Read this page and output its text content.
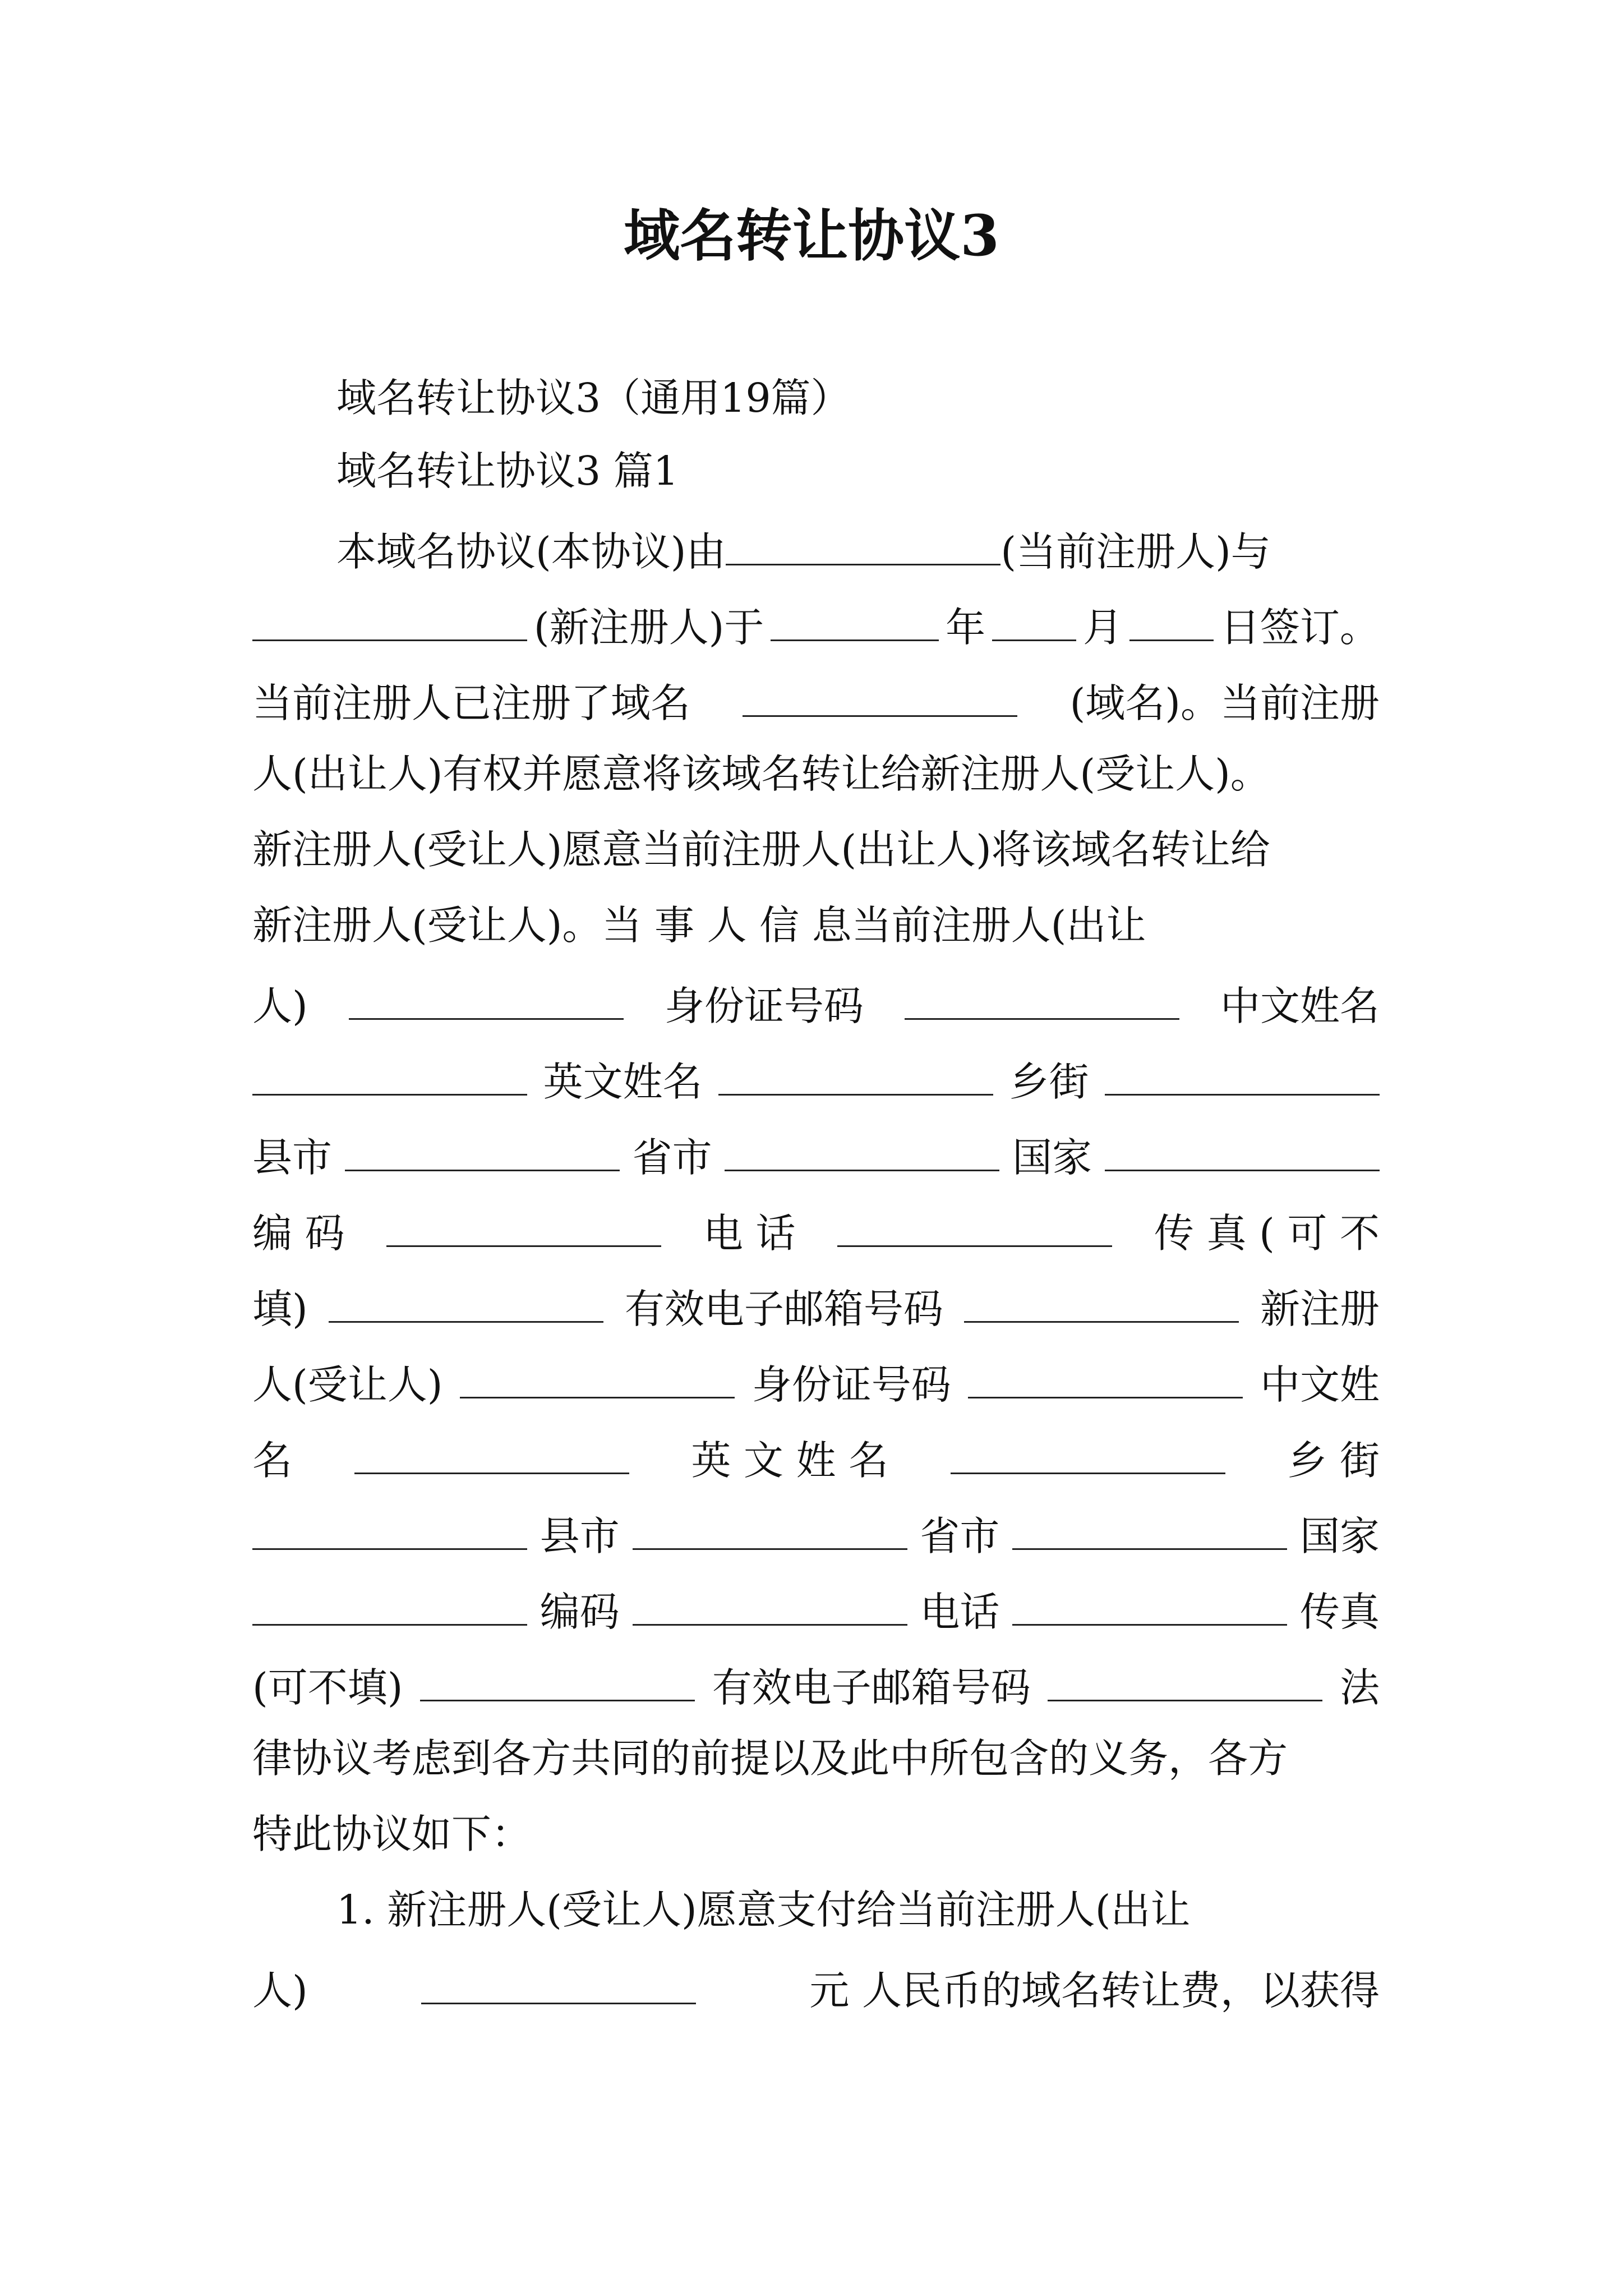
域名转让协议3
域名转让协议3（通用19篇）
域名转让协议3 篇1
本域名协议(本协议)由	(当前注册人)与
(新注册人)于	年 月 日签订。
当前注册人已注册了域名	(域名)。当前注册
人(出让人)有权并愿意将该域名转让给新注册人(受让人)。
新注册人(受让人)愿意当前注册人(出让人)将该域名转让给
新注册人(受让人)。当 事 人 信 息当前注册人(出让
人)	身份证号码	中文姓名
英文姓名	乡街
县市	省市	国家
编 码	电 话	传 真 ( 可 不
填)	有效电子邮箱号码	新注册
人(受让人)	身份证号码	中文姓
名	英 文 姓 名	乡 街
县市	省市	国家
编码	电话	传真
(可不填)	有效电子邮箱号码	法
律协议考虑到各方共同的前提以及此中所包含的义务，各方
特此协议如下：
1. 新注册人(受让人)愿意支付给当前注册人(出让
人)	元 人民币的域名转让费，以获得
